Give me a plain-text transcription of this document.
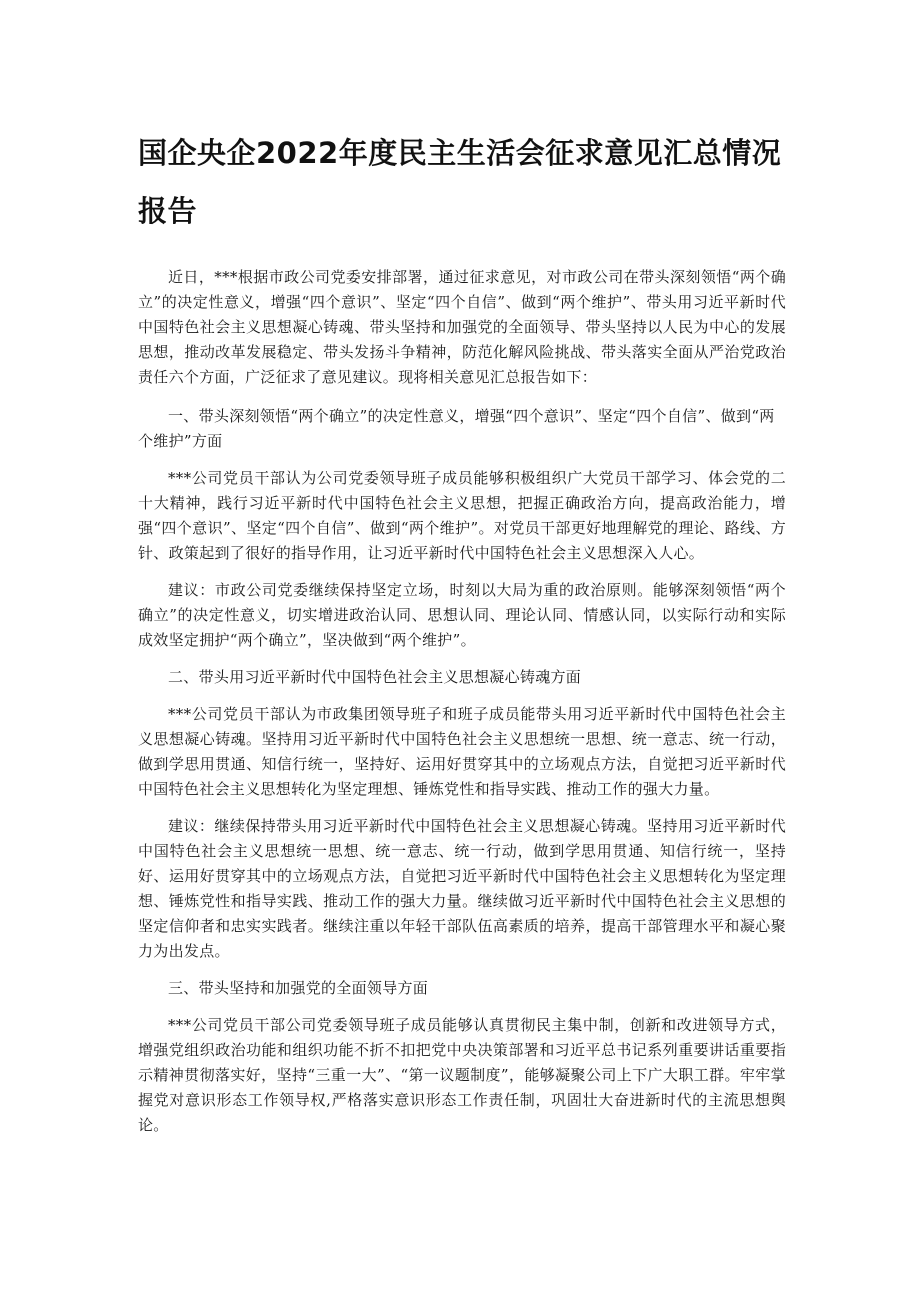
国企央企2022年度民主生活会征求意见汇总情况报告

近日，***根据市政公司党委安排部署，通过征求意见，对市政公司在带头深刻领悟“两个确立”的决定性意义，增强“四个意识”、坚定“四个自信”、做到“两个维护”、带头用习近平新时代中国特色社会主义思想凝心铸魂、带头坚持和加强党的全面领导、带头坚持以人民为中心的发展思想，推动改革发展稳定、带头发扬斗争精神，防范化解风险挑战、带头落实全面从严治党政治责任六个方面，广泛征求了意见建议。现将相关意见汇总报告如下：

一、带头深刻领悟“两个确立”的决定性意义，增强“四个意识”、坚定“四个自信”、做到“两个维护”方面

***公司党员干部认为公司党委领导班子成员能够积极组织广大党员干部学习、体会党的二十大精神，践行习近平新时代中国特色社会主义思想，把握正确政治方向，提高政治能力，增强“四个意识”、坚定“四个自信”、做到“两个维护”。对党员干部更好地理解党的理论、路线、方针、政策起到了很好的指导作用，让习近平新时代中国特色社会主义思想深入人心。

建议：市政公司党委继续保持坚定立场，时刻以大局为重的政治原则。能够深刻领悟“两个确立”的决定性意义，切实增进政治认同、思想认同、理论认同、情感认同，以实际行动和实际成效坚定拥护“两个确立”，坚决做到“两个维护”。

二、带头用习近平新时代中国特色社会主义思想凝心铸魂方面

***公司党员干部认为市政集团领导班子和班子成员能带头用习近平新时代中国特色社会主义思想凝心铸魂。坚持用习近平新时代中国特色社会主义思想统一思想、统一意志、统一行动，做到学思用贯通、知信行统一，坚持好、运用好贯穿其中的立场观点方法，自觉把习近平新时代中国特色社会主义思想转化为坚定理想、锤炼党性和指导实践、推动工作的强大力量。

建议：继续保持带头用习近平新时代中国特色社会主义思想凝心铸魂。坚持用习近平新时代中国特色社会主义思想统一思想、统一意志、统一行动，做到学思用贯通、知信行统一，坚持好、运用好贯穿其中的立场观点方法，自觉把习近平新时代中国特色社会主义思想转化为坚定理想、锤炼党性和指导实践、推动工作的强大力量。继续做习近平新时代中国特色社会主义思想的坚定信仰者和忠实实践者。继续注重以年轻干部队伍高素质的培养，提高干部管理水平和凝心聚力为出发点。

三、带头坚持和加强党的全面领导方面

***公司党员干部公司党委领导班子成员能够认真贯彻民主集中制，创新和改进领导方式，增强党组织政治功能和组织功能不折不扣把党中央决策部署和习近平总书记系列重要讲话重要指示精神贯彻落实好，坚持“三重一大”、“第一议题制度”，能够凝聚公司上下广大职工群。牢牢掌握党对意识形态工作领导权,严格落实意识形态工作责任制，巩固壮大奋进新时代的主流思想舆论。
